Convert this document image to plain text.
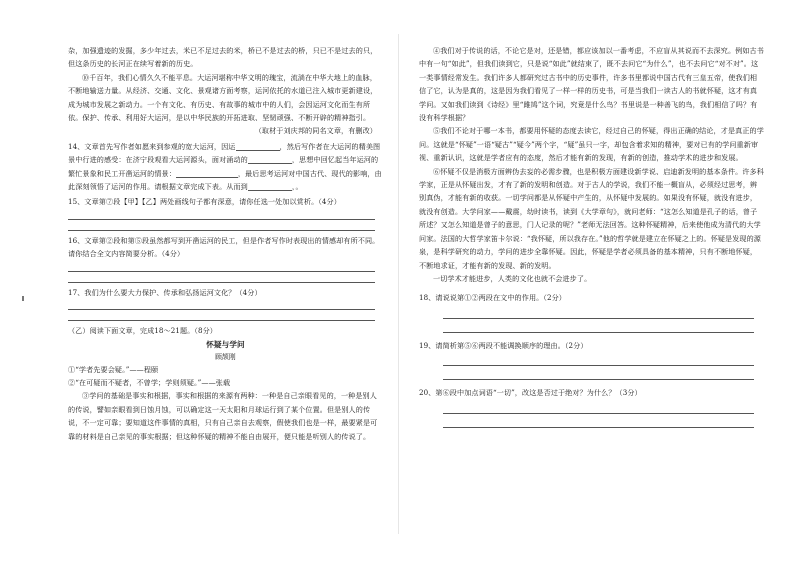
杂，加强遗迹的发掘，多少年过去，米已不足过去的米，桥已不是过去的桥，只已不是过去的只，但这条历史的长河正在续写着新的历史。

⑩千百年，我们心情久久不能平息。大运河堪称中华文明的瑰宝，流淌在中华大地上的血脉，不断地输送力量。从经济、交通、文化、景观诸方面考察，运河依托的水道已注入城市更新建设，成为城市发展之新动力。一个有文化、有历史、有故事的城市中的人们，会因运河文化而生有所依。保护、传承、利用好大运河，是以中华民族的开拓进取、坚韧顽强、不断开辟的精神指引。

（取材于刘庆邦的同名文章，有删改）

14、文章首先写作者如愿来到参观的宽大运河，因运	，然后写作者在大运河的精美图景中行进的感受：在济宁段观看大运河源头，面对涌动的	，思想中回忆起当年运河的繁忙景象和民工开凿运河的情景：	，最后思考运河对中国古代、现代的影响，由此深刻领悟了运河的作用。请根据文章完成下表。从而到	，。

15、文章第⑦段【甲】【乙】两处画线句子都有深意，请你任选一处加以赏析。（4分）

16、文章第②段和第⑤段虽然都写到开凿运河的民工，但是作者写作时表现出的情感却有所不同。请你结合全文内容简要分析。（4分）

17、我们为什么要大力保护、传承和弘扬运河文化？（4分）

（乙）阅读下面文章，完成18～21题。（8分）

怀疑与学问

顾颉刚

①“学者先要会疑。”——程颐

②“在可疑而不疑者，不曾学；学则须疑。”——张载

③学问的基础是事实和根据，事实和根据的来源有两种：一种是自己亲眼看见的，一种是别人的传说，譬如亲眼看到日蚀月蚀，可以确定这一天太阳和月球运行到了某个位置。但是别人的传说，不一定可靠；要知道这件事情的真相，只有自己亲自去观察，假使我们也是一样，最要紧是可靠的材料是自己亲见的事实根据；但这种怀疑的精神不能自由展开，便只能是听别人的传说了。

④我们对于传说的话，不论它是对，还是错，都应该加以一番考虑，不应盲从其说而不去深究。例如古书中有一句“如此”，但我们读到它，只是说“如此”就结束了，既不去问它“为什么”，也不去问它“对不对”。这一类事情经常发生。我们许多人都研究过古书中的历史事件，许多书里都说中国古代有三皇五帝，使我们相信了它，认为是真的，这是因为我们看见了一样一样的历史书，可是当我们一读古人的书就怀疑，这才有真学问。又如我们读到《诗经》里“雎鸠”这个词，究竟是什么鸟？书里说是一种善飞的鸟，我们相信了吗？有没有科学根据？

⑤我们不论对于哪一本书，都要用怀疑的态度去读它，经过自己的怀疑，得出正确的结论，才是真正的学问。这就是“怀疑”一语“疑古”“疑今”两个字，“疑”虽只一字，却包含着求知的精神，要对已有的学问重新审视、重新认识，这就是学者应有的态度，然后才能有新的发现，有新的创造，推动学术的进步和发展。

⑥怀疑不仅是消极方面辨伪去妄的必需步骤，也是积极方面建设新学说、启迪新发明的基本条件。许多科学家，正是从怀疑出发，才有了新的发明和创造。对于古人的学说，我们不能一概盲从，必须经过思考，辨别真伪，才能有新的收获。一切学问都是从怀疑中产生的，从怀疑中发展的。如果没有怀疑，就没有进步，就没有创造。大学问家——戴震，幼时读书，读到《大学章句》，就问老师：“这怎么知道是孔子的话，曾子所述？又怎么知道是曾子的意思，门人记录的呢？”老师无法回答。这种怀疑精神，后来使他成为清代的大学问家。法国的大哲学家笛卡尔说：“我怀疑，所以我存在。”他的哲学就是建立在怀疑之上的。怀疑是发现的源泉，是科学研究的动力，学问的进步全靠怀疑。因此，怀疑是学者必须具备的基本精神，只有不断地怀疑，不断地求证，才能有新的发现、新的发明。

一切学术才能进步，人类的文化也就不会进步了。

18、请说说第①②两段在文中的作用。（2分）

19、请简析第⑤⑥两段不能调换顺序的理由。（2分）

20、第⑥段中加点词语“一切”，改这是否过于绝对？为什么？（3分）
